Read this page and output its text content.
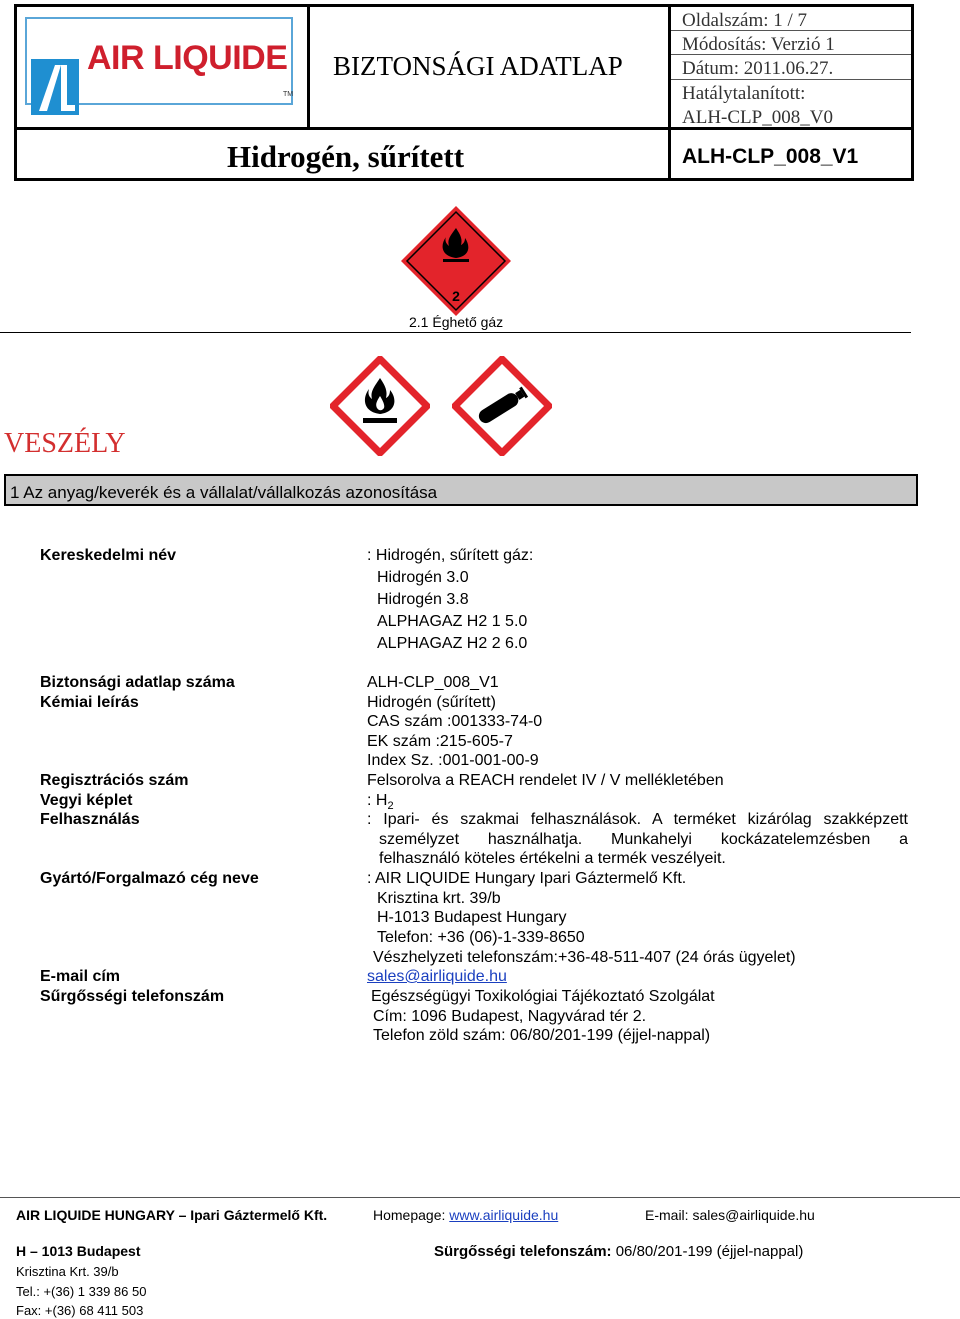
AIR LIQUIDE
TM
BIZTONSÁGI ADATLAP
Oldalszám: 1 / 7
Módosítás: Verzió 1
Dátum: 2011.06.27.
Hatálytalanított:
ALH-CLP_008_V0
Hidrogén, sűrített	ALH-CLP_008_V1
2
2.1 Éghető gáz
VESZÉLY
1 Az anyag/keverék és a vállalat/vállalkozás azonosítása
Kereskedelmi név	: Hidrogén, sűrített gáz:
Hidrogén 3.0
Hidrogén 3.8
ALPHAGAZ H2 1 5.0
ALPHAGAZ H2 2 6.0
Biztonsági adatlap száma	ALH-CLP_008_V1
Kémiai leírás	Hidrogén (sűrített)
CAS szám :001333-74-0
EK szám :215-605-7
Index Sz. :001-001-00-9
Regisztrációs szám	Felsorolva a REACH rendelet IV / V mellékletében
Vegyi képlet	: $H_2$
Felhasználás	: Ipari- és szakmai felhasználások. A terméket kizárólag szakképzett
személyzet használhatja. Munkahelyi kockázatelemzésben a
felhasználó köteles értékelni a termék veszélyeit.
Gyártó/Forgalmazó cég neve	: AIR LIQUIDE Hungary Ipari Gáztermelő Kft.
Krisztina krt. 39/b
H-1013 Budapest Hungary
Telefon: +36 (06)-1-339-8650
Vészhelyzeti telefonszám:+36-48-511-407 (24 órás ügyelet)
E-mail cím	sales@airliquide.hu
Sűrgősségi telefonszám	Egészségügyi Toxikológiai Tájékoztató Szolgálat
Cím: 1096 Budapest, Nagyvárad tér 2.
Telefon zöld szám: 06/80/201-199 (éjjel-nappal)
AIR LIQUIDE HUNGARY – Ipari Gáztermelő Kft.	Homepage: www.airliquide.hu	E-mail: sales@airliquide.hu
H – 1013 Budapest	Sürgősségi telefonszám: 06/80/201-199 (éjjel-nappal)
Krisztina Krt. 39/b
Tel.: +(36) 1 339 86 50
Fax: +(36) 68 411 503
